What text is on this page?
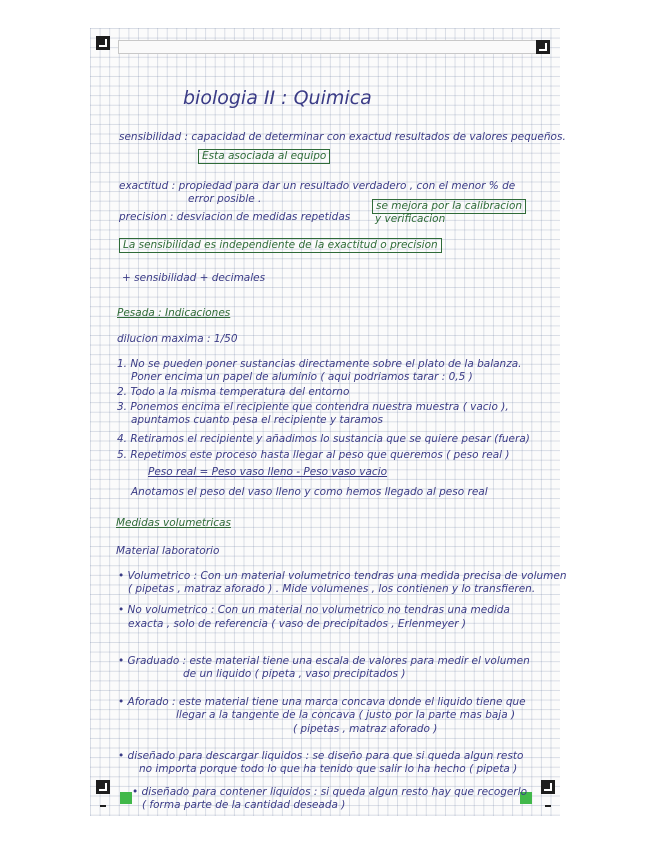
biologia II : Quimica
sensibilidad : capacidad de determinar con exactud resultados de valores pequeños.
Esta asociada al equipo
exactitud : propiedad para dar un resultado verdadero , con el menor % de
error posible .
se mejora por la calibracion
y verificacion
precision : desviacion de medidas repetidas
La sensibilidad es independiente de la exactitud o precision
+ sensibilidad + decimales
Pesada : Indicaciones
dilucion maxima : 1/50
1. No se pueden poner sustancias directamente sobre el plato de la balanza.
Poner encima un papel de aluminio ( aqui podriamos tarar : 0,5 )
2. Todo a la misma temperatura del entorno
3. Ponemos encima el recipiente que contendra nuestra muestra ( vacio ),
apuntamos cuanto pesa el recipiente y taramos
4. Retiramos el recipiente y añadimos lo sustancia que se quiere pesar (fuera)
5. Repetimos este proceso hasta llegar al peso que queremos ( peso real )
Peso real = Peso vaso lleno - Peso vaso vacio
Anotamos el peso del vaso lleno y como hemos llegado al peso real
Medidas volumetricas
Material laboratorio
• Volumetrico : Con un material volumetrico tendras una medida precisa de volumen
( pipetas , matraz aforado ) . Mide volumenes , los contienen y lo transfieren.
• No volumetrico : Con un material no volumetrico no tendras una medida
exacta , solo de referencia ( vaso de precipitados , Erlenmeyer )
• Graduado : este material tiene una escala de valores para medir el volumen
de un liquido ( pipeta , vaso precipitados )
• Aforado : este material tiene una marca concava donde el liquido tiene que
llegar a la tangente de la concava ( justo por la parte mas baja )
( pipetas , matraz aforado )
• diseñado para descargar liquidos : se diseño para que si queda algun resto
no importa porque todo lo que ha tenido que salir lo ha hecho ( pipeta )
• diseñado para contener liquidos : si queda algun resto hay que recogerlo
( forma parte de la cantidad deseada )
